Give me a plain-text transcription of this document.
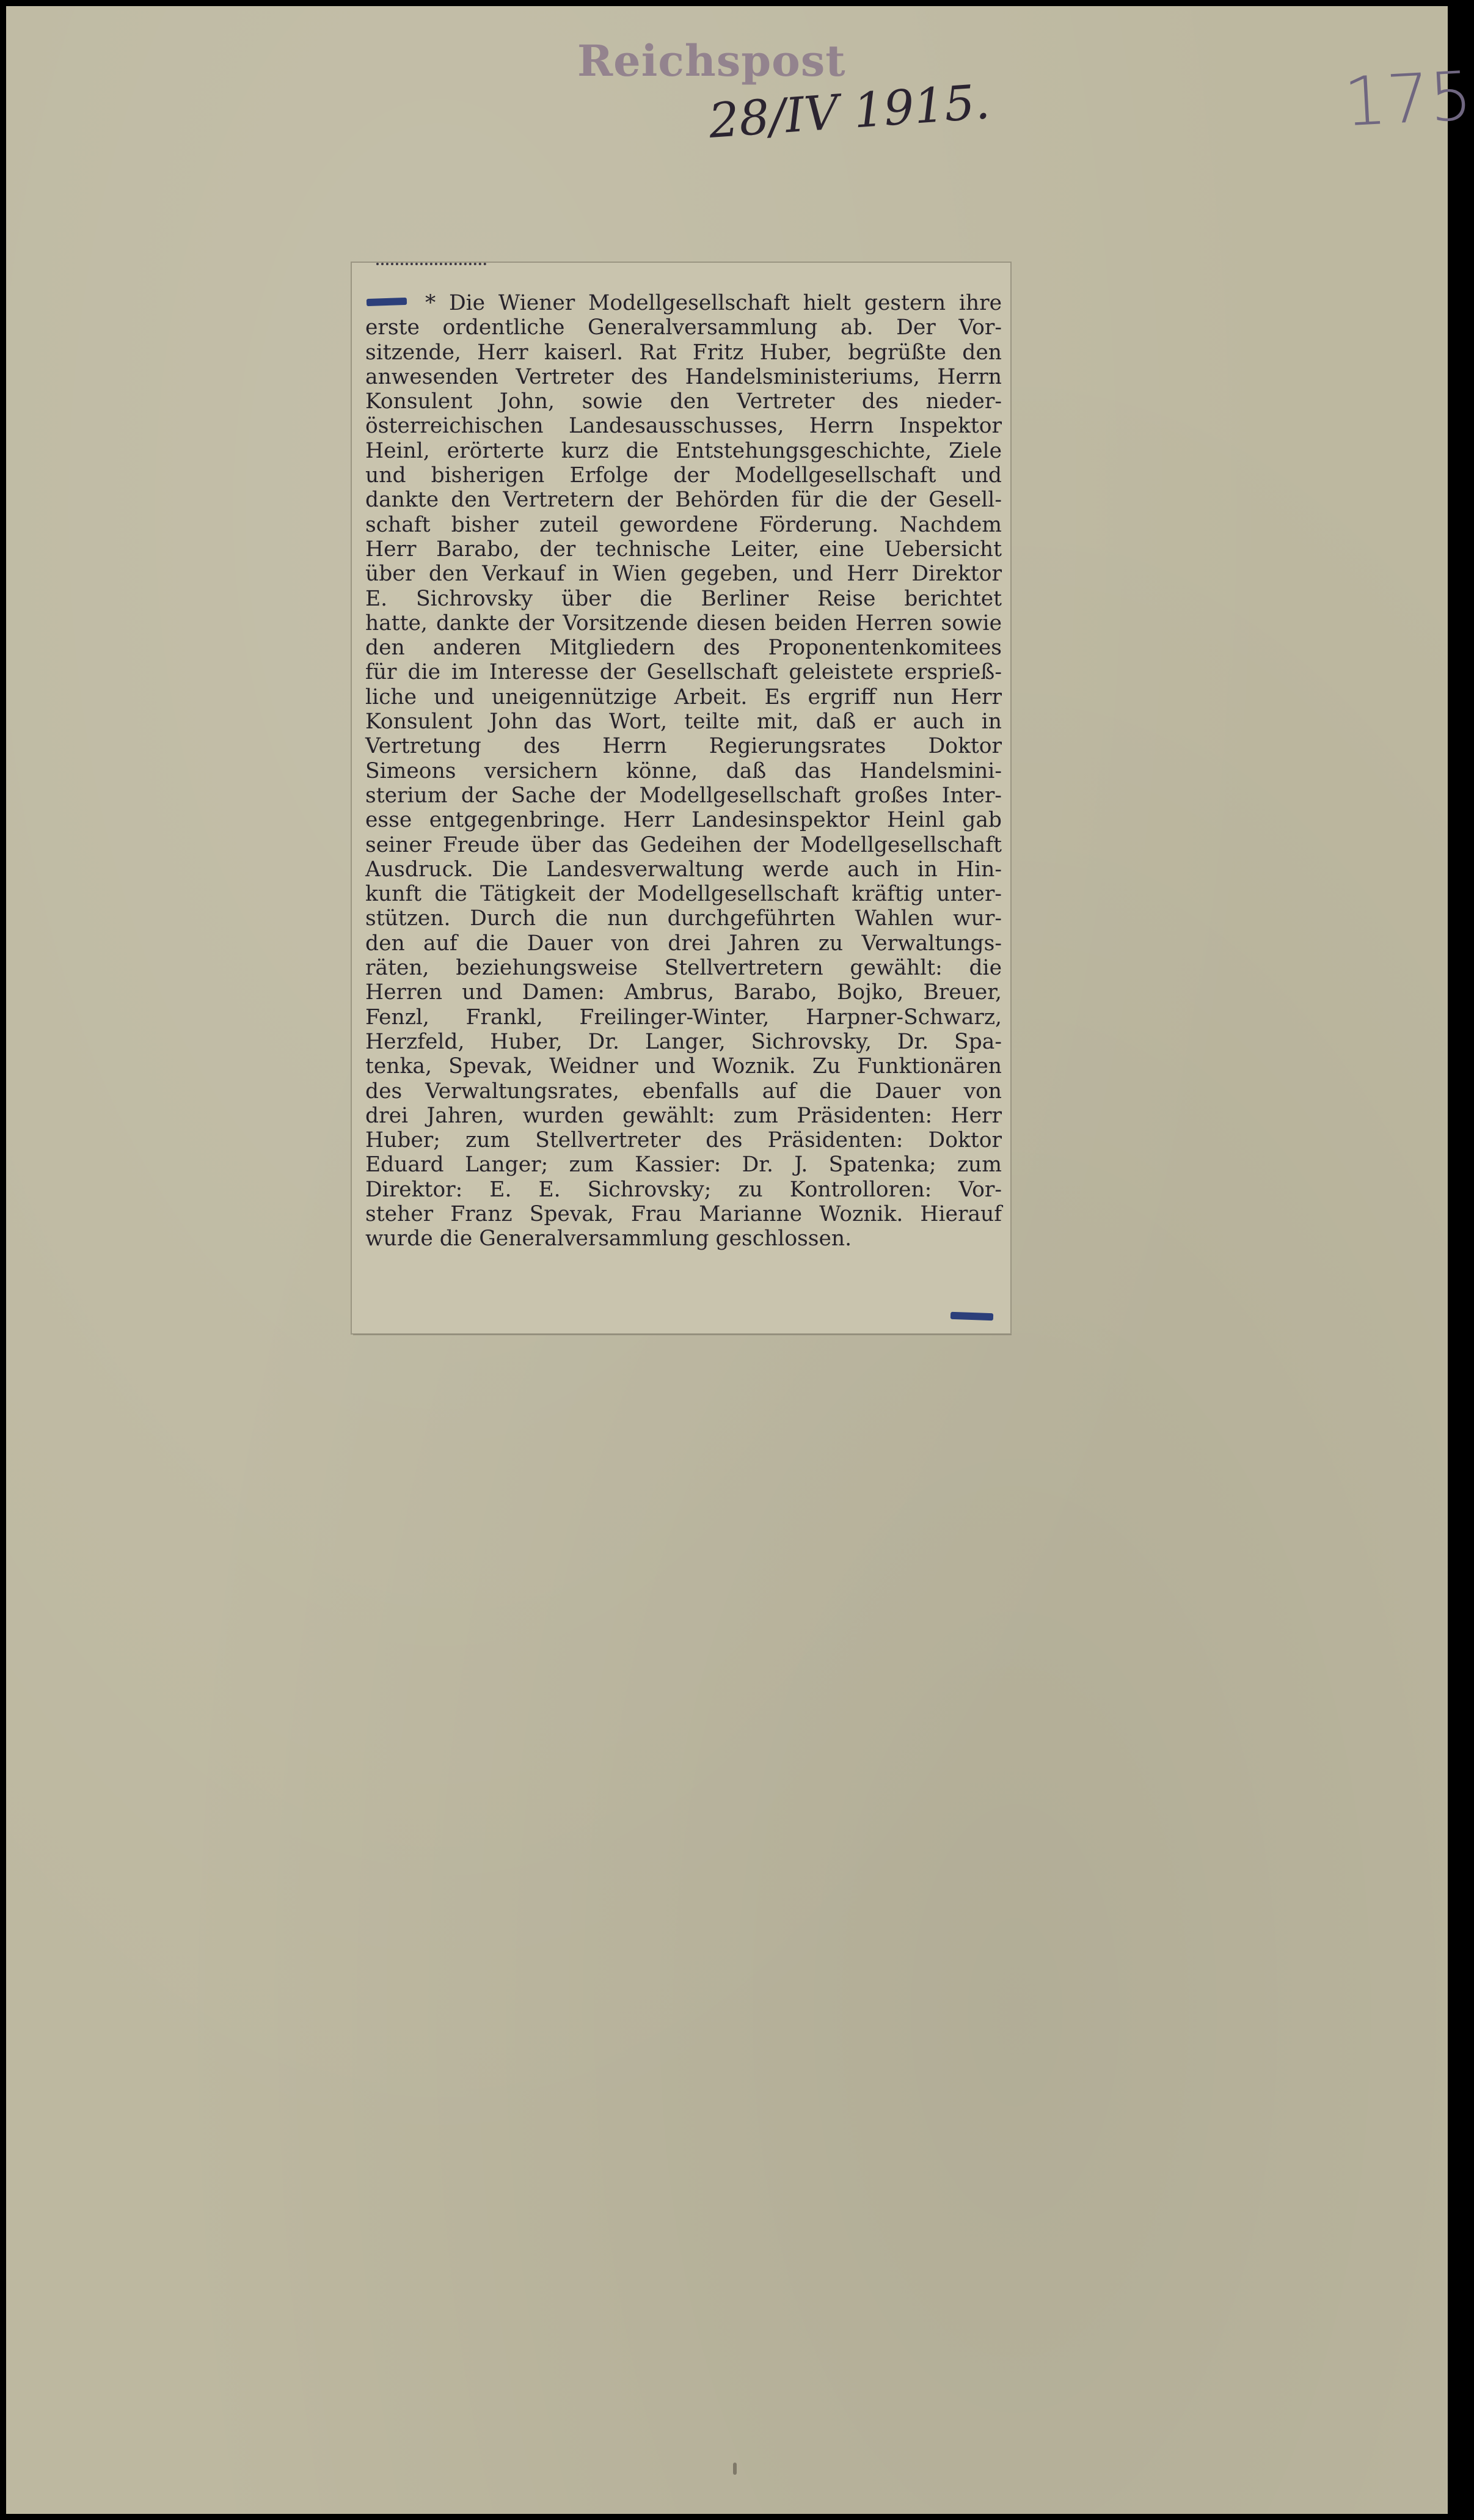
Reichspost
28/IV 1915.	175
* Die Wiener Modellgesellschaft hielt gestern ihre
erste ordentliche Generalversammlung ab. Der Vor-
sitzende, Herr kaiserl. Rat Fritz Huber, begrüßte den
anwesenden Vertreter des Handelsministeriums, Herrn
Konsulent John, sowie den Vertreter des nieder-
österreichischen Landesausschusses, Herrn Inspektor
Heinl, erörterte kurz die Entstehungsgeschichte, Ziele
und bisherigen Erfolge der Modellgesellschaft und
dankte den Vertretern der Behörden für die der Gesell-
schaft bisher zuteil gewordene Förderung. Nachdem
Herr Barabo, der technische Leiter, eine Uebersicht
über den Verkauf in Wien gegeben, und Herr Direktor
E. Sichrovsky über die Berliner Reise berichtet
hatte, dankte der Vorsitzende diesen beiden Herren sowie
den anderen Mitgliedern des Proponentenkomitees
für die im Interesse der Gesellschaft geleistete ersprieß-
liche und uneigennützige Arbeit. Es ergriff nun Herr
Konsulent John das Wort, teilte mit, daß er auch in
Vertretung des Herrn Regierungsrates Doktor
Simeons versichern könne, daß das Handelsmini-
sterium der Sache der Modellgesellschaft großes Inter-
esse entgegenbringe. Herr Landesinspektor Heinl gab
seiner Freude über das Gedeihen der Modellgesellschaft
Ausdruck. Die Landesverwaltung werde auch in Hin-
kunft die Tätigkeit der Modellgesellschaft kräftig unter-
stützen. Durch die nun durchgeführten Wahlen wur-
den auf die Dauer von drei Jahren zu Verwaltungs-
räten, beziehungsweise Stellvertretern gewählt: die
Herren und Damen: Ambrus, Barabo, Bojko, Breuer,
Fenzl, Frankl, Freilinger-Winter, Harpner-Schwarz,
Herzfeld, Huber, Dr. Langer, Sichrovsky, Dr. Spa-
tenka, Spevak, Weidner und Woznik. Zu Funktionären
des Verwaltungsrates, ebenfalls auf die Dauer von
drei Jahren, wurden gewählt: zum Präsidenten: Herr
Huber; zum Stellvertreter des Präsidenten: Doktor
Eduard Langer; zum Kassier: Dr. J. Spatenka; zum
Direktor: E. E. Sichrovsky; zu Kontrolloren: Vor-
steher Franz Spevak, Frau Marianne Woznik. Hierauf
wurde die Generalversammlung geschlossen.
